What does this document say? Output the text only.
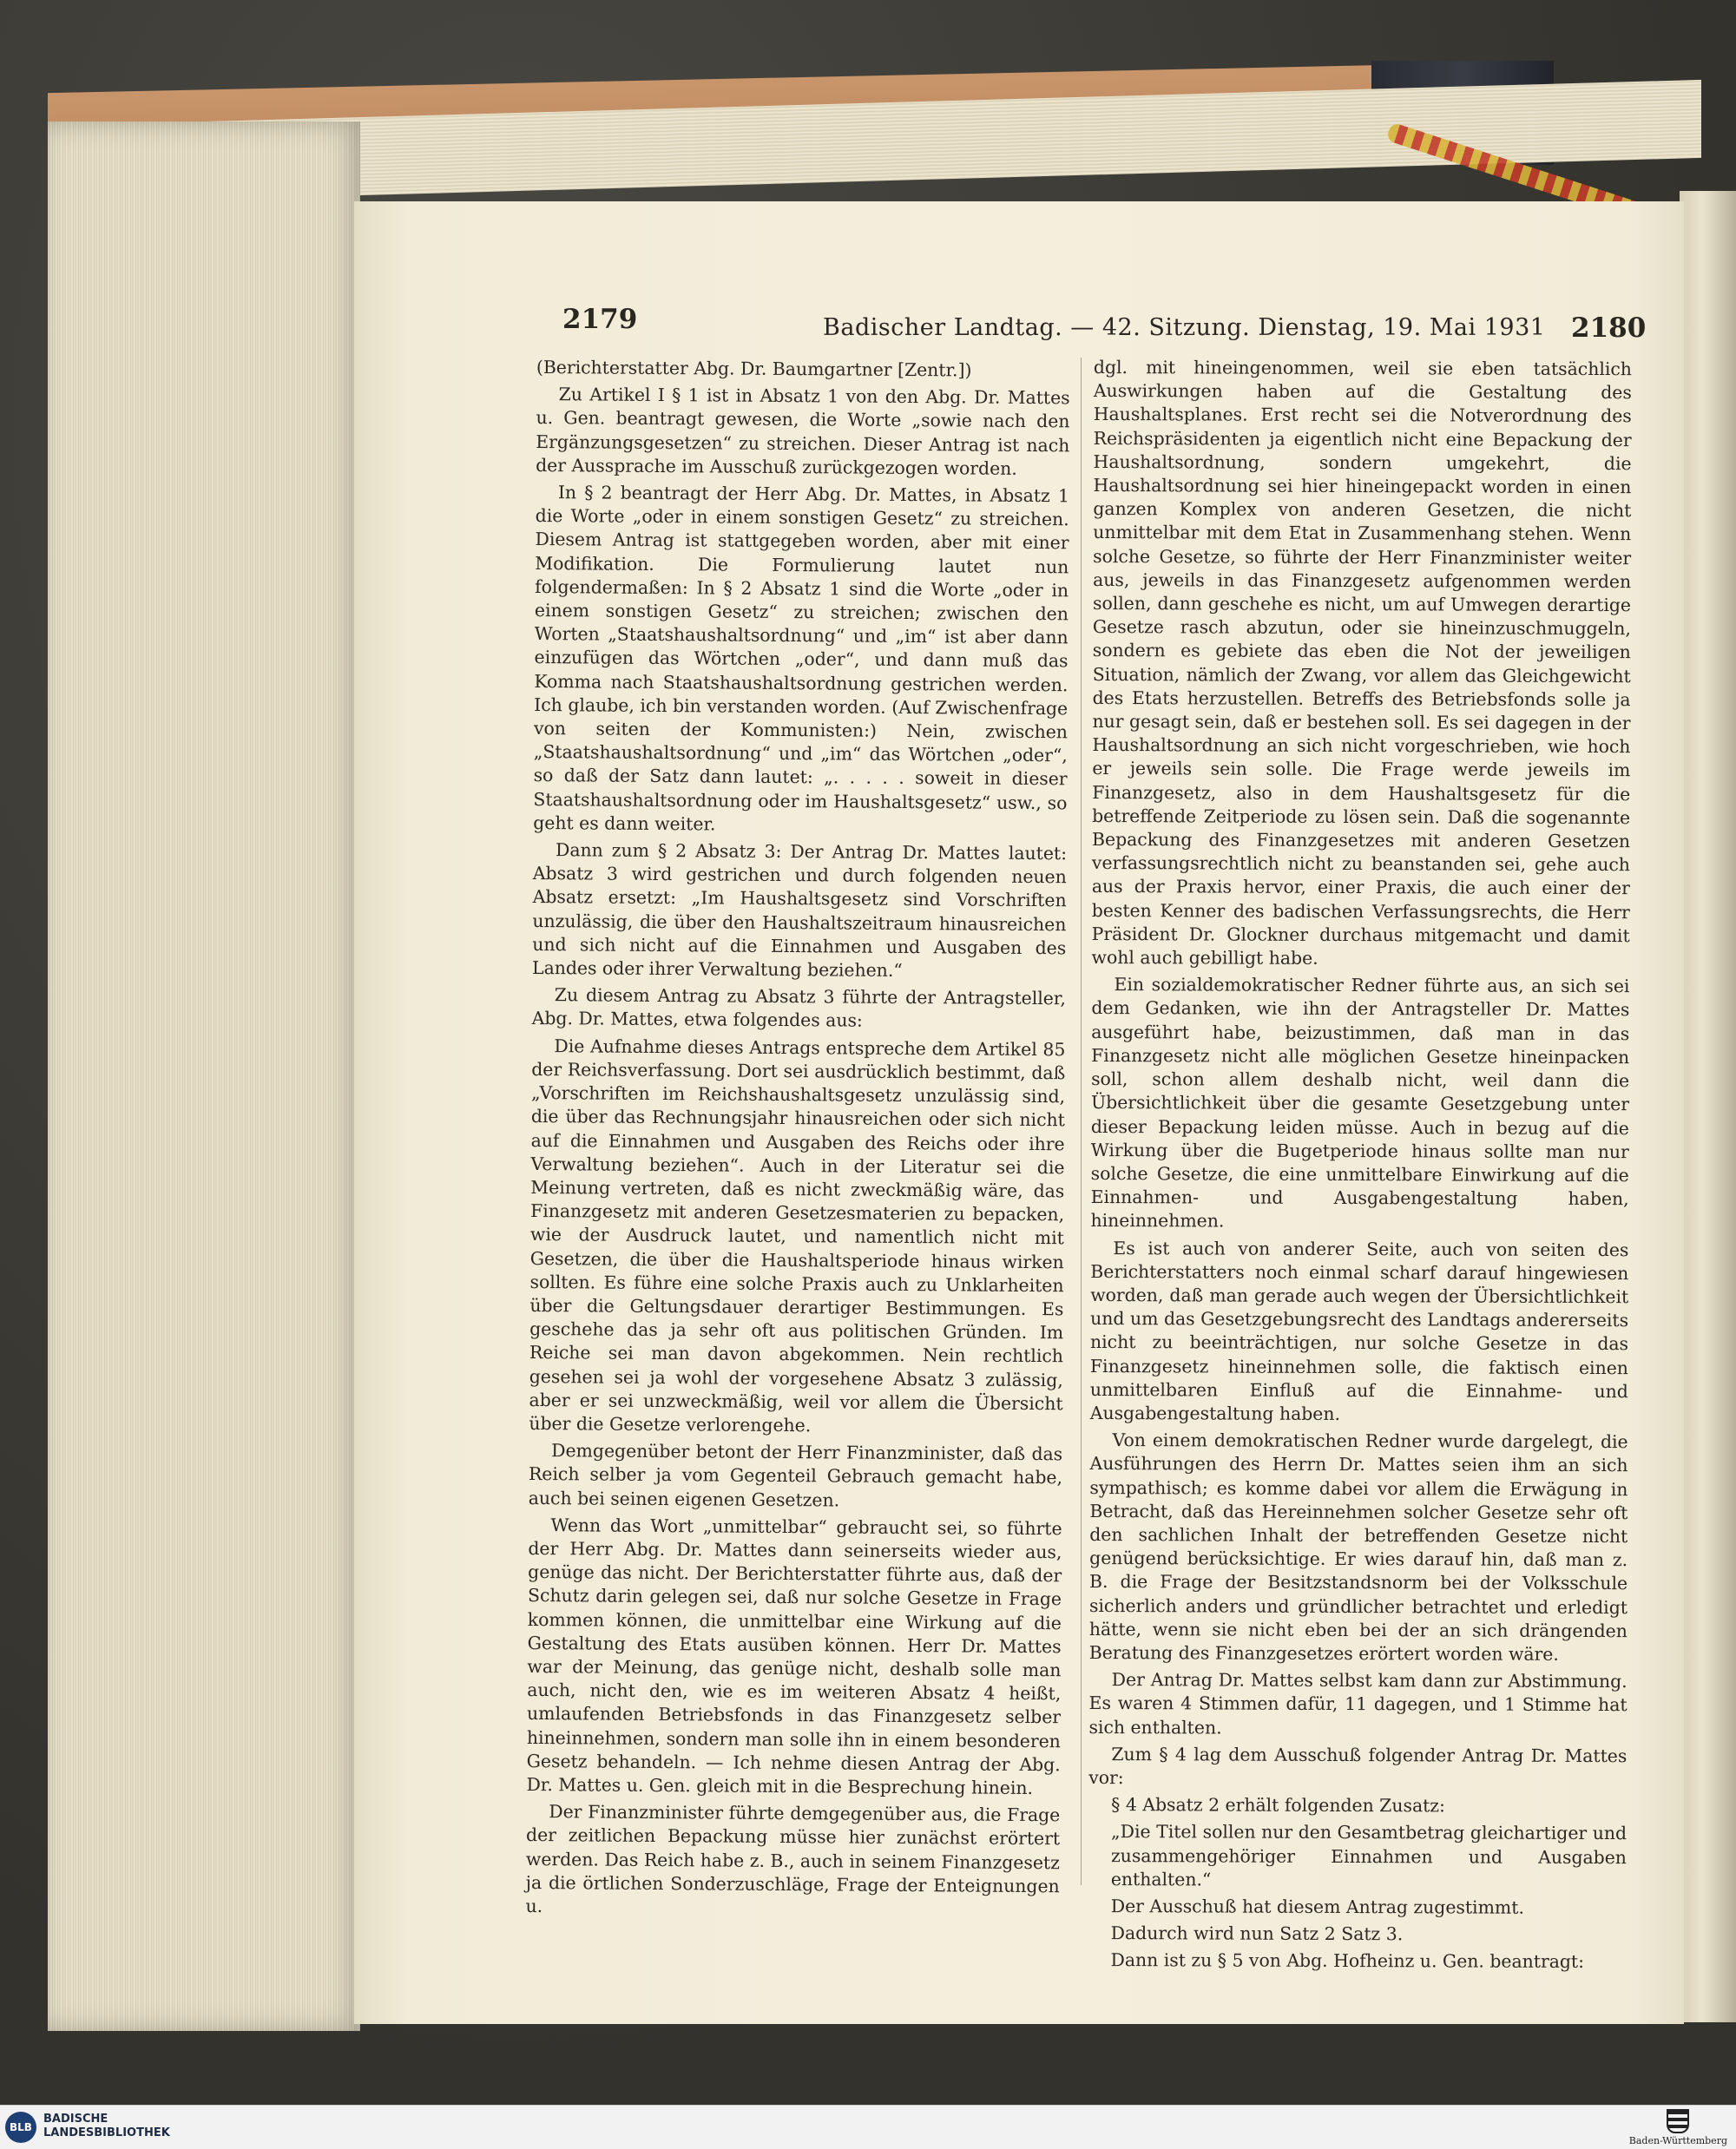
2179	Badischer Landtag. — 42. Sitzung. Dienstag, 19. Mai 1931 2180

(Berichterstatter Abg. Dr. Baumgartner [Zentr.])

Zu Artikel I § 1 ist in Absatz 1 von den Abg. Dr. Mattes u. Gen. beantragt gewesen, die Worte „sowie nach den Ergänzungsgesetzen“ zu streichen. Dieser Antrag ist nach der Aussprache im Ausschuß zurückgezogen worden.

In § 2 beantragt der Herr Abg. Dr. Mattes, in Absatz 1 die Worte „oder in einem sonstigen Gesetz“ zu streichen. Diesem Antrag ist stattgegeben worden, aber mit einer Modifikation. Die Formulierung lautet nun folgendermaßen: In § 2 Absatz 1 sind die Worte „oder in einem sonstigen Gesetz“ zu streichen; zwischen den Worten „Staatshaushaltsordnung“ und „im“ ist aber dann einzufügen das Wörtchen „oder“, und dann muß das Komma nach Staatshaushaltsordnung gestrichen werden. Ich glaube, ich bin verstanden worden. (Auf Zwischenfrage von seiten der Kommunisten:) Nein, zwischen „Staatshaushaltsordnung“ und „im“ das Wörtchen „oder“, so daß der Satz dann lautet: „. . . . . soweit in dieser Staatshaushaltsordnung oder im Haushaltsgesetz“ usw., so geht es dann weiter.

Dann zum § 2 Absatz 3: Der Antrag Dr. Mattes lautet: Absatz 3 wird gestrichen und durch folgenden neuen Absatz ersetzt: „Im Haushaltsgesetz sind Vorschriften unzulässig, die über den Haushaltszeitraum hinausreichen und sich nicht auf die Einnahmen und Ausgaben des Landes oder ihrer Verwaltung beziehen.“

Zu diesem Antrag zu Absatz 3 führte der Antragsteller, Abg. Dr. Mattes, etwa folgendes aus:

Die Aufnahme dieses Antrags entspreche dem Artikel 85 der Reichsverfassung. Dort sei ausdrücklich bestimmt, daß „Vorschriften im Reichshaushaltsgesetz unzulässig sind, die über das Rechnungsjahr hinausreichen oder sich nicht auf die Einnahmen und Ausgaben des Reichs oder ihre Verwaltung beziehen“. Auch in der Literatur sei die Meinung vertreten, daß es nicht zweckmäßig wäre, das Finanzgesetz mit anderen Gesetzesmaterien zu bepacken, wie der Ausdruck lautet, und namentlich nicht mit Gesetzen, die über die Haushaltsperiode hinaus wirken sollten. Es führe eine solche Praxis auch zu Unklarheiten über die Geltungsdauer derartiger Bestimmungen. Es geschehe das ja sehr oft aus politischen Gründen. Im Reiche sei man davon abgekommen. Nein rechtlich gesehen sei ja wohl der vorgesehene Absatz 3 zulässig, aber er sei unzweckmäßig, weil vor allem die Übersicht über die Gesetze verlorengehe.

Demgegenüber betont der Herr Finanzminister, daß das Reich selber ja vom Gegenteil Gebrauch gemacht habe, auch bei seinen eigenen Gesetzen.

Wenn das Wort „unmittelbar“ gebraucht sei, so führte der Herr Abg. Dr. Mattes dann seinerseits wieder aus, genüge das nicht. Der Berichterstatter führte aus, daß der Schutz darin gelegen sei, daß nur solche Gesetze in Frage kommen können, die unmittelbar eine Wirkung auf die Gestaltung des Etats ausüben können. Herr Dr. Mattes war der Meinung, das genüge nicht, deshalb solle man auch, nicht den, wie es im weiteren Absatz 4 heißt, umlaufenden Betriebsfonds in das Finanzgesetz selber hineinnehmen, sondern man solle ihn in einem besonderen Gesetz behandeln. — Ich nehme diesen Antrag der Abg. Dr. Mattes u. Gen. gleich mit in die Besprechung hinein.

Der Finanzminister führte demgegenüber aus, die Frage der zeitlichen Bepackung müsse hier zunächst erörtert werden. Das Reich habe z. B., auch in seinem Finanzgesetz ja die örtlichen Sonderzuschläge, Frage der Enteignungen u.

dgl. mit hineingenommen, weil sie eben tatsächlich Auswirkungen haben auf die Gestaltung des Haushaltsplanes. Erst recht sei die Notverordnung des Reichspräsidenten ja eigentlich nicht eine Bepackung der Haushaltsordnung, sondern umgekehrt, die Haushaltsordnung sei hier hineingepackt worden in einen ganzen Komplex von anderen Gesetzen, die nicht unmittelbar mit dem Etat in Zusammenhang stehen. Wenn solche Gesetze, so führte der Herr Finanzminister weiter aus, jeweils in das Finanzgesetz aufgenommen werden sollen, dann geschehe es nicht, um auf Umwegen derartige Gesetze rasch abzutun, oder sie hineinzuschmuggeln, sondern es gebiete das eben die Not der jeweiligen Situation, nämlich der Zwang, vor allem das Gleichgewicht des Etats herzustellen. Betreffs des Betriebsfonds solle ja nur gesagt sein, daß er bestehen soll. Es sei dagegen in der Haushaltsordnung an sich nicht vorgeschrieben, wie hoch er jeweils sein solle. Die Frage werde jeweils im Finanzgesetz, also in dem Haushaltsgesetz für die betreffende Zeitperiode zu lösen sein. Daß die sogenannte Bepackung des Finanzgesetzes mit anderen Gesetzen verfassungsrechtlich nicht zu beanstanden sei, gehe auch aus der Praxis hervor, einer Praxis, die auch einer der besten Kenner des badischen Verfassungsrechts, die Herr Präsident Dr. Glockner durchaus mitgemacht und damit wohl auch gebilligt habe.

Ein sozialdemokratischer Redner führte aus, an sich sei dem Gedanken, wie ihn der Antragsteller Dr. Mattes ausgeführt habe, beizustimmen, daß man in das Finanzgesetz nicht alle möglichen Gesetze hineinpacken soll, schon allem deshalb nicht, weil dann die Übersichtlichkeit über die gesamte Gesetzgebung unter dieser Bepackung leiden müsse. Auch in bezug auf die Wirkung über die Bugetperiode hinaus sollte man nur solche Gesetze, die eine unmittelbare Einwirkung auf die Einnahmen- und Ausgabengestaltung haben, hineinnehmen.

Es ist auch von anderer Seite, auch von seiten des Berichterstatters noch einmal scharf darauf hingewiesen worden, daß man gerade auch wegen der Übersichtlichkeit und um das Gesetzgebungsrecht des Landtags andererseits nicht zu beeinträchtigen, nur solche Gesetze in das Finanzgesetz hineinnehmen solle, die faktisch einen unmittelbaren Einfluß auf die Einnahme- und Ausgabengestaltung haben.

Von einem demokratischen Redner wurde dargelegt, die Ausführungen des Herrn Dr. Mattes seien ihm an sich sympathisch; es komme dabei vor allem die Erwägung in Betracht, daß das Hereinnehmen solcher Gesetze sehr oft den sachlichen Inhalt der betreffenden Gesetze nicht genügend berücksichtige. Er wies darauf hin, daß man z. B. die Frage der Besitzstandsnorm bei der Volksschule sicherlich anders und gründlicher betrachtet und erledigt hätte, wenn sie nicht eben bei der an sich drängenden Beratung des Finanzgesetzes erörtert worden wäre.

Der Antrag Dr. Mattes selbst kam dann zur Abstimmung. Es waren 4 Stimmen dafür, 11 dagegen, und 1 Stimme hat sich enthalten.

Zum § 4 lag dem Ausschuß folgender Antrag Dr. Mattes vor:

§ 4 Absatz 2 erhält folgenden Zusatz:

„Die Titel sollen nur den Gesamtbetrag gleichartiger und zusammengehöriger Einnahmen und Ausgaben enthalten.“

Der Ausschuß hat diesem Antrag zugestimmt.

Dadurch wird nun Satz 2 Satz 3.

Dann ist zu § 5 von Abg. Hofheinz u. Gen. beantragt:

BLB
BADISCHE
LANDESBIBLIOTHEK
Baden-Württemberg
